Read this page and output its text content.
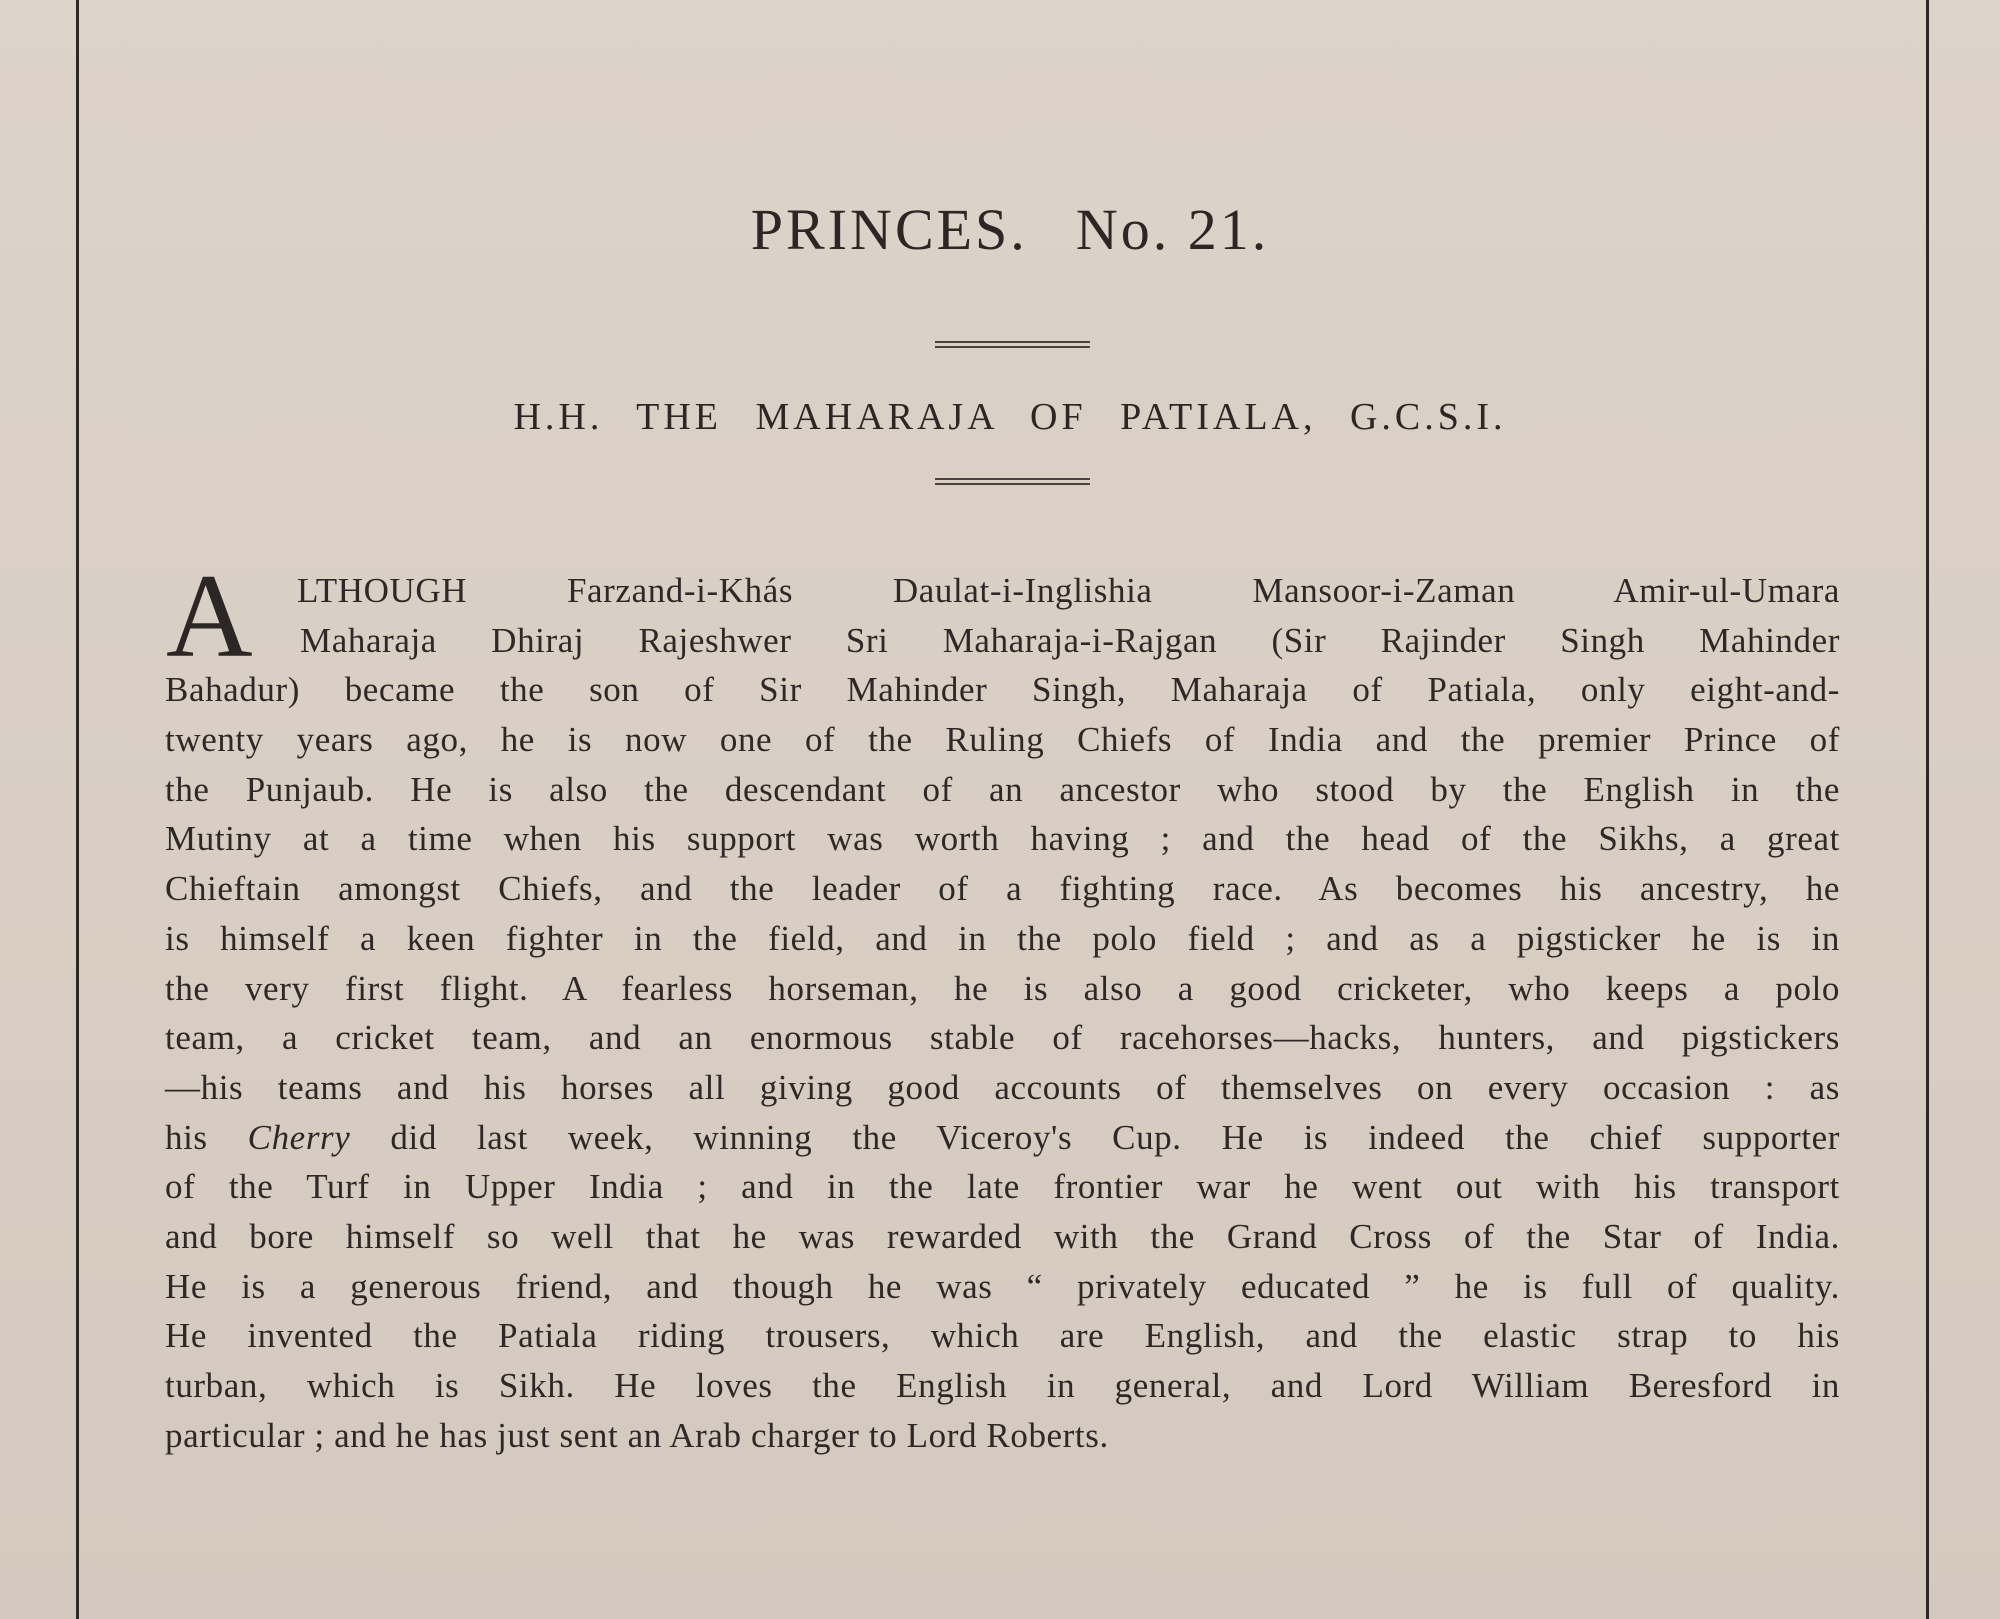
PRINCES. No. 21.
H.H. THE MAHARAJA OF PATIALA, G.C.S.I.
A	LTHOUGH Farzand-i-Khás Daulat-i-Inglishia Mansoor-i-Zaman Amir-ul-Umara
Maharaja Dhiraj Rajeshwer Sri Maharaja-i-Rajgan (Sir Rajinder Singh Mahinder
Bahadur) became the son of Sir Mahinder Singh, Maharaja of Patiala, only eight-and-
twenty years ago, he is now one of the Ruling Chiefs of India and the premier Prince of
the Punjaub. He is also the descendant of an ancestor who stood by the English in the
Mutiny at a time when his support was worth having ; and the head of the Sikhs, a great
Chieftain amongst Chiefs, and the leader of a fighting race. As becomes his ancestry, he
is himself a keen fighter in the field, and in the polo field ; and as a pigsticker he is in
the very first flight. A fearless horseman, he is also a good cricketer, who keeps a polo
team, a cricket team, and an enormous stable of racehorses—hacks, hunters, and pigstickers
—his teams and his horses all giving good accounts of themselves on every occasion : as
his Cherry did last week, winning the Viceroy's Cup. He is indeed the chief supporter
of the Turf in Upper India ; and in the late frontier war he went out with his transport
and bore himself so well that he was rewarded with the Grand Cross of the Star of India.
He is a generous friend, and though he was “ privately educated ” he is full of quality.
He invented the Patiala riding trousers, which are English, and the elastic strap to his
turban, which is Sikh. He loves the English in general, and Lord William Beresford in
particular ; and he has just sent an Arab charger to Lord Roberts.
